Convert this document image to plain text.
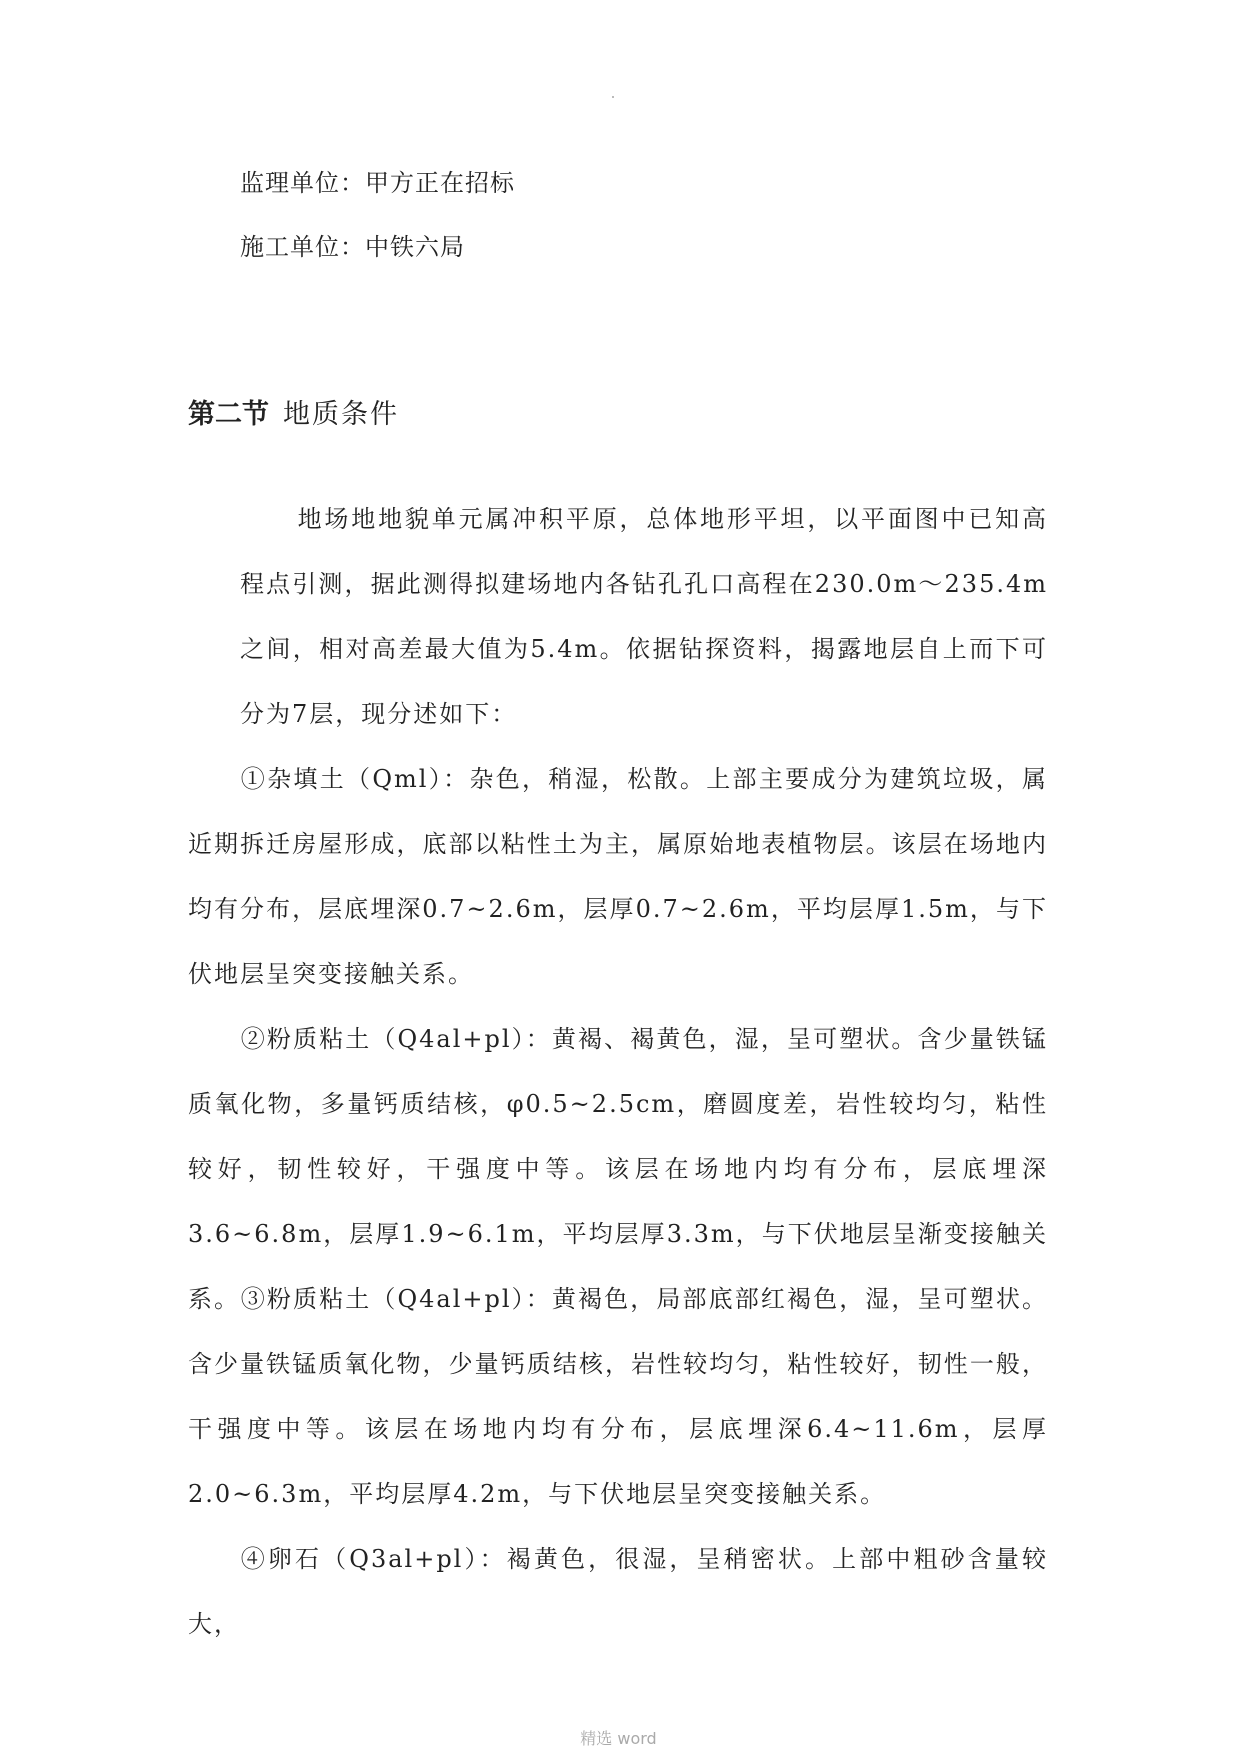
监理单位：甲方正在招标
施工单位：中铁六局
第二节 地质条件

地场地地貌单元属冲积平原，总体地形平坦，以平面图中已知高程点引测，据此测得拟建场地内各钻孔孔口高程在230.0m～235.4m之间，相对高差最大值为5.4m。依据钻探资料，揭露地层自上而下可分为7层，现分述如下：

①杂填土（Qml）：杂色，稍湿，松散。上部主要成分为建筑垃圾，属近期拆迁房屋形成，底部以粘性土为主，属原始地表植物层。该层在场地内均有分布，层底埋深0.7~2.6m，层厚0.7~2.6m，平均层厚1.5m，与下伏地层呈突变接触关系。

②粉质粘土（Q4al+pl）：黄褐、褐黄色，湿，呈可塑状。含少量铁锰质氧化物，多量钙质结核，φ0.5~2.5cm，磨圆度差，岩性较均匀，粘性较好，韧性较好，干强度中等。该层在场地内均有分布，层底埋深3.6~6.8m，层厚1.9~6.1m，平均层厚3.3m，与下伏地层呈渐变接触关系。 ③粉质粘土（Q4al+pl）：黄褐色，局部底部红褐色，湿，呈可塑状。含少量铁锰质氧化物，少量钙质结核，岩性较均匀，粘性较好，韧性一般，干强度中等。该层在场地内均有分布，层底埋深6.4~11.6m，层厚2.0~6.3m，平均层厚4.2m，与下伏地层呈突变接触关系。

④卵石（Q3al+pl）：褐黄色，很湿，呈稍密状。上部中粗砂含量较大，

精选 word
